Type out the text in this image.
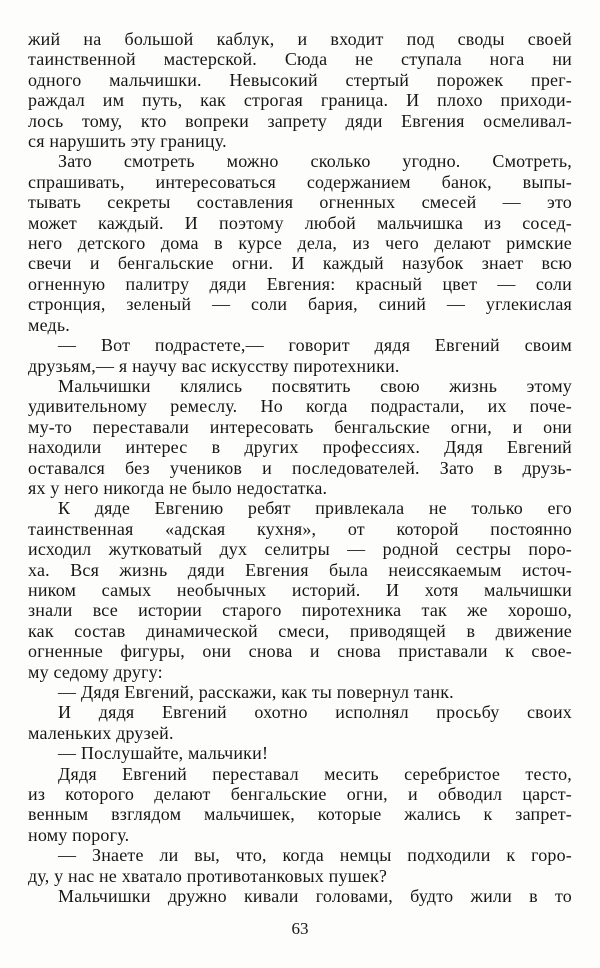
жий на большой каблук, и входит под своды своей

таинственной мастерской. Сюда не ступала нога ни

одного мальчишки. Невысокий стертый порожек прег-

раждал им путь, как строгая граница. И плохо приходи-

лось тому, кто вопреки запрету дяди Евгения осмеливал-

ся нарушить эту границу.

Зато смотреть можно сколько угодно. Смотреть,

спрашивать, интересоваться содержанием банок, выпы-

тывать секреты составления огненных смесей — это

может каждый. И поэтому любой мальчишка из сосед-

него детского дома в курсе дела, из чего делают римские

свечи и бенгальские огни. И каждый назубок знает всю

огненную палитру дяди Евгения: красный цвет — соли

стронция, зеленый — соли бария, синий — углекислая

медь.

— Вот подрастете,— говорит дядя Евгений своим

друзьям,— я научу вас искусству пиротехники.

Мальчишки клялись посвятить свою жизнь этому

удивительному ремеслу. Но когда подрастали, их поче-

му-то переставали интересовать бенгальские огни, и они

находили интерес в других профессиях. Дядя Евгений

оставался без учеников и последователей. Зато в друзь-

ях у него никогда не было недостатка.

К дяде Евгению ребят привлекала не только его

таинственная «адская кухня», от которой постоянно

исходил жутковатый дух селитры — родной сестры поро-

ха. Вся жизнь дяди Евгения была неиссякаемым источ-

ником самых необычных историй. И хотя мальчишки

знали все истории старого пиротехника так же хорошо,

как состав динамической смеси, приводящей в движение

огненные фигуры, они снова и снова приставали к свое-

му седому другу:

— Дядя Евгений, расскажи, как ты повернул танк.

И дядя Евгений охотно исполнял просьбу своих

маленьких друзей.

— Послушайте, мальчики!

Дядя Евгений переставал месить серебристое тесто,

из которого делают бенгальские огни, и обводил царст-

венным взглядом мальчишек, которые жались к запрет-

ному порогу.

— Знаете ли вы, что, когда немцы подходили к горо-

ду, у нас не хватало противотанковых пушек?

Мальчишки дружно кивали головами, будто жили в то

63
